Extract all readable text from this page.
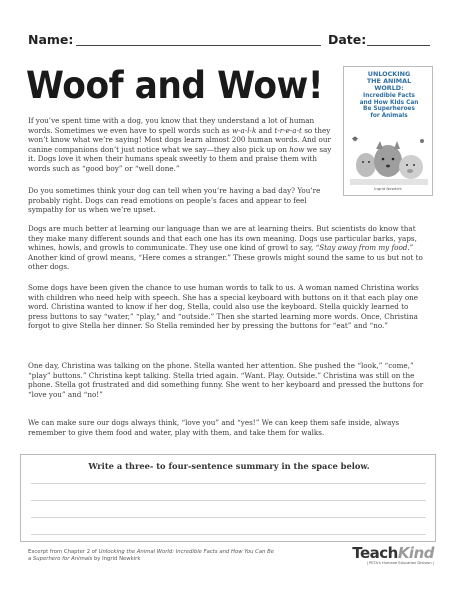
Name:	Date:
Woof and Wow!	UNLOCKING
THE ANIMAL
WORLD:
Incredible Facts
and How Kids Can
Be Superheroes
for Animals
Ingrid Newkirk
If you’ve spent time with a dog, you know that they understand a lot of human words. Sometimes we even have to spell words such as w-a-l-k and t-r-e-a-t so they won’t know what we’re saying! Most dogs learn almost 200 human words. And our canine companions don’t just notice what we say—they also pick up on how we say it. Dogs love it when their humans speak sweetly to them and praise them with words such as “good boy” or “well done.”
Do you sometimes think your dog can tell when you’re having a bad day? You’re probably right. Dogs can read emotions on people’s faces and appear to feel sympathy for us when we’re upset.
Dogs are much better at learning our language than we are at learning theirs. But scientists do know that they make many different sounds and that each one has its own meaning. Dogs use particular barks, yaps, whines, howls, and growls to communicate. They use one kind of growl to say, “Stay away from my food.” Another kind of growl means, “Here comes a stranger.” These growls might sound the same to us but not to other dogs.
Some dogs have been given the chance to use human words to talk to us. A woman named Christina works with children who need help with speech. She has a special keyboard with buttons on it that each play one word. Christina wanted to know if her dog, Stella, could also use the keyboard. Stella quickly learned to press buttons to say “water,” “play,” and “outside.” Then she started learning more words. Once, Christina forgot to give Stella her dinner. So Stella reminded her by pressing the buttons for “eat” and “no.”
One day, Christina was talking on the phone. Stella wanted her attention. She pushed the “look,” “come,” “play” buttons.” Christina kept talking. Stella tried again. “Want. Play. Outside.” Christina was still on the phone. Stella got frustrated and did something funny. She went to her keyboard and pressed the buttons for “love you” and “no!”
We can make sure our dogs always think, “love you” and “yes!” We can keep them safe inside, always remember to give them food and water, play with them, and take them for walks.
Write a three- to four-sentence summary in the space below.
Excerpt from Chapter 2 of Unlocking the Animal World: Incredible Facts and How You Can Be a Superhero for Animals by Ingrid Newkirk	TeachKind
| PETA’s Humane Education Division |
